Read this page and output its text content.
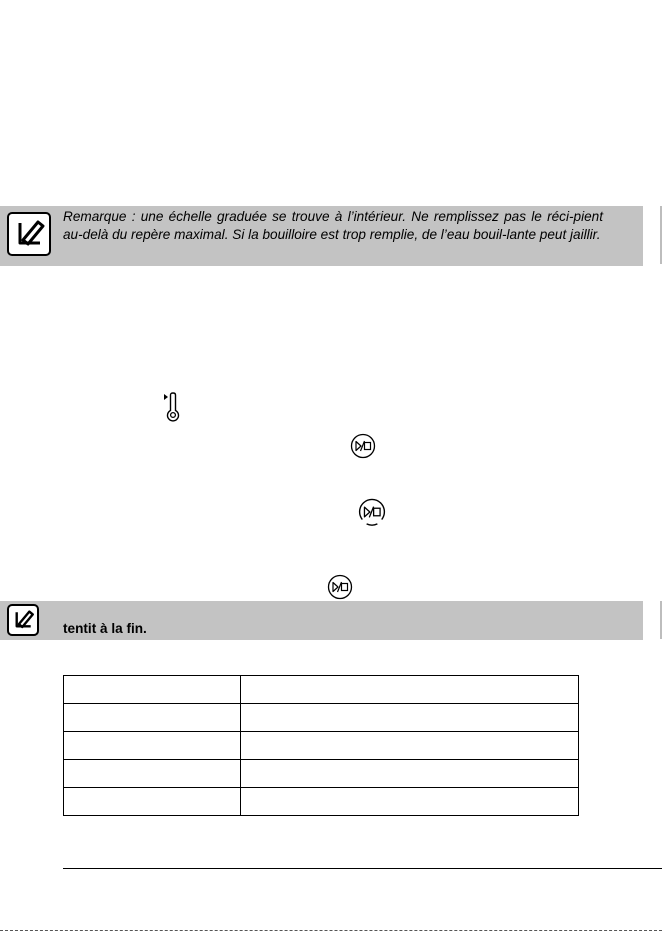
Remarque : une échelle graduée se trouve à l’intérieur. Ne remplissez pas le réci-pient au-delà du repère maximal. Si la bouilloire est trop remplie, de l’eau bouil-lante peut jaillir.
tentit à la fin.
